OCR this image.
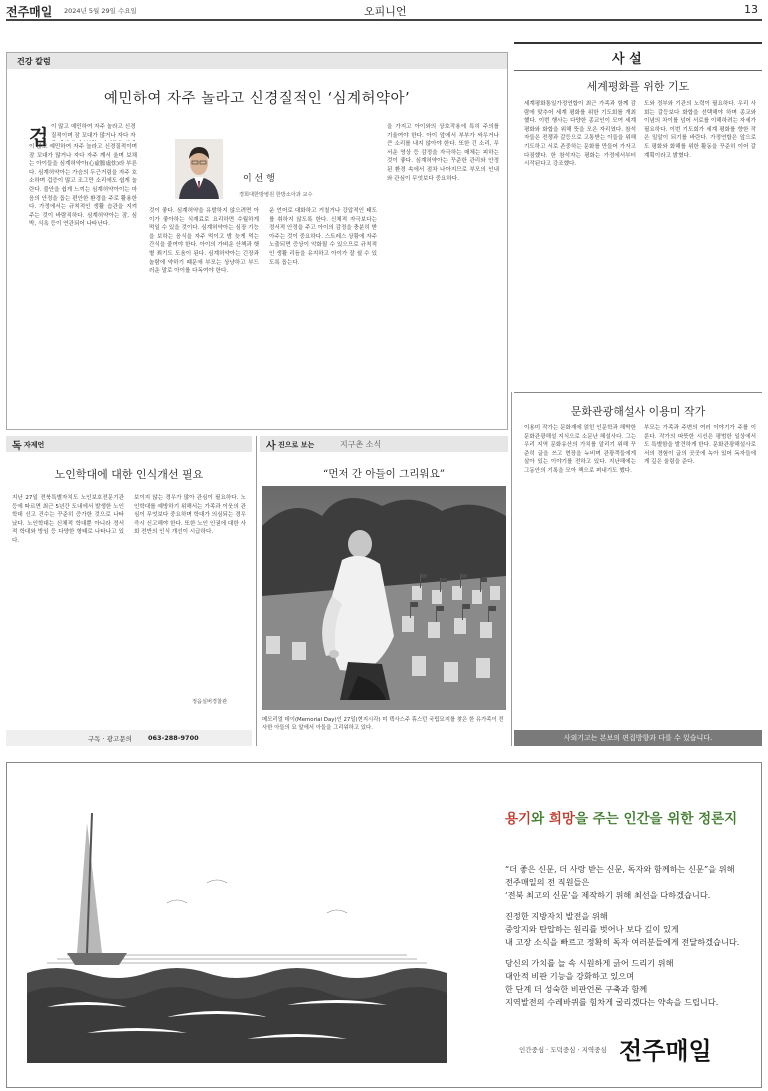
전주매일 2024년 5월 29일 수요일	오피니언	13
건강 칼럼
예민하여 자주 놀라고 신경질적인 ‘심계허약아’
겁 이 많고 예민하여 자주 놀라고 신경질적이며 잠 꼬대가 많거나 자다 자
이 많고 예민하여 자주 놀라고 신경질적이며 잠 꼬대가 많거나 자다 자주 깨서 울며 보채는 아이들을 심계허약아(心虛膽虛怯)라 부른다. 심계허약아는 가슴의 두근거림을 자주 호소하며 겁증이 많고 조그만 소리에도 쉽게 놀란다. 불안을 쉽게 느끼는 심계허약아이는 마음의 안정을 돕는 편안한 환경을 주로 활용한다. 가정에서는 규칙적인 생활 습관을 지켜 주는 것이 바람직하다. 심계허약아는 잠, 심박, 식욕 등이 연관되어 나타난다.
이 선 행
경희대한방병원 한방소아과 교수
것이 좋다. 심계허약을 유발하지 않으려면 아이가 좋아하는 식재료로 요리하면 수월하게 먹일 수 있을 것이다. 심계허약아는 심장 기능을 보하는 음식을 자주 먹이고 밤 늦게 먹는 간식을 줄여야 한다. 아이의 가벼운 산책과 햇볕 쬐기도 도움이 된다. 심계허약아는 긴장과 놀람에 약하기 때문에 부모는 상냥하고 부드러운 말로 아이를 다독여야 한다.
운 언어로 대화하고 거칠거나 강압적인 태도를 취하지 않도록 한다. 신체적 자극보다는 정서적 안정을 주고 아이의 감정을 충분히 받아주는 것이 중요하다. 스트레스 상황에 자주 노출되면 증상이 악화될 수 있으므로 규칙적인 생활 리듬을 유지하고 아이가 잘 쉴 수 있도록 돕는다.
을 가지고 아이와의 상호작용에 특히 주의를 기울여야 한다. 아이 앞에서 부부가 싸우거나 큰 소리를 내지 않아야 한다. 또한 긴 소리, 무서운 영상 등 감정을 자극하는 매체는 피하는 것이 좋다. 심계허약아는 꾸준한 관리와 안정된 환경 속에서 점차 나아지므로 부모의 인내와 관심이 무엇보다 중요하다.
사 설
세계평화를 위한 기도
세계평화통일가정연합이 최근 가족과 함께 감람에 맞추어 세계 평화를 위한 기도회를 개최했다. 이번 행사는 다양한 종교인이 모여 세계 평화와 화합을 위해 뜻을 모은 자리였다. 참석자들은 전쟁과 갈등으로 고통받는 이들을 위해 기도하고 서로 존중하는 문화를 만들어 가자고 다짐했다. 한 참석자는 평화는 가정에서부터 시작된다고 강조했다.
도와 정부와 기관의 노력이 필요하다. 우리 사회는 갈등보다 화합을 선택해야 하며 종교와 이념의 차이를 넘어 서로를 이해하려는 자세가 필요하다. 이번 기도회가 세계 평화를 향한 작은 밀알이 되기를 바란다. 가정연합은 앞으로도 평화와 화해를 위한 활동을 꾸준히 이어 갈 계획이라고 밝혔다.
문화관광해설사 이용미 작가
이용미 작가는 문화재에 얽힌 인문학과 해박한 문화관광해설 지식으로 소문난 해설사다. 그는 우리 지역 문화유산의 가치를 알리기 위해 꾸준히 글을 쓰고 현장을 누비며 관광객들에게 살아 있는 이야기를 전하고 있다. 지난해에는 그동안의 기록을 모아 책으로 펴내기도 했다.
부모는 가족과 주변의 여러 이야기가 주를 이룬다. 작가의 따뜻한 시선은 평범한 일상에서도 특별함을 발견하게 한다. 문화관광해설사로서의 경험이 글의 곳곳에 녹아 있어 독자들에게 깊은 울림을 준다.
독 자제언
노인학대에 대한 인식개선 필요
지난 27일 전북특별자치도 노인보호전문기관 등에 따르면 최근 5년간 도내에서 발생한 노인학대 신고 건수는 꾸준히 증가한 것으로 나타났다. 노인학대는 신체적 학대뿐 아니라 정서적 학대와 방임 등 다양한 형태로 나타나고 있다.
보이지 않는 경우가 많아 관심이 필요하다. 노인학대를 예방하기 위해서는 가족과 이웃의 관심이 무엇보다 중요하며 학대가 의심되는 경우 즉시 신고해야 한다. 또한 노인 인권에 대한 사회 전반의 인식 개선이 시급하다.
정읍실버경찰관
구독 · 광고문의 063-288-9700
사 진으로 보는	지구촌 소식
“먼저 간 아들이 그리워요”
메모리얼 데이(Memorial Day)인 27일(현지시각) 미 텍사스주 휴스턴 국립묘지를 찾은 한 유가족이 전사한 아들의 묘 앞에서 아들을 그리워하고 있다.
사외기고는 본보의 편집방향과 다를 수 있습니다.
용기와 희망을 주는 인간을 위한 정론지

“더 좋은 신문, 더 사랑 받는 신문, 독자와 함께하는 신문”을 위해

전주매일의 전 직원들은

‘전북 최고의 신문’을 제작하기 위해 최선을 다하겠습니다.

진정한 지방자치 발전을 위해

중앙지와 탄압하는 원리를 벗어나 보다 깊이 있게

내 고장 소식을 빠르고 정확히 독자 여러분들에게 전달하겠습니다.

당신의 가치를 늘 속 시원하게 긁어 드리기 위해

대안적 비판 기능을 강화하고 있으며

한 단계 더 성숙한 비판언론 구축과 함께

지역발전의 수레바퀴를 힘차게 굴리겠다는 약속을 드립니다.

인간중심 · 도덕중심 · 지역중심 전주매일
